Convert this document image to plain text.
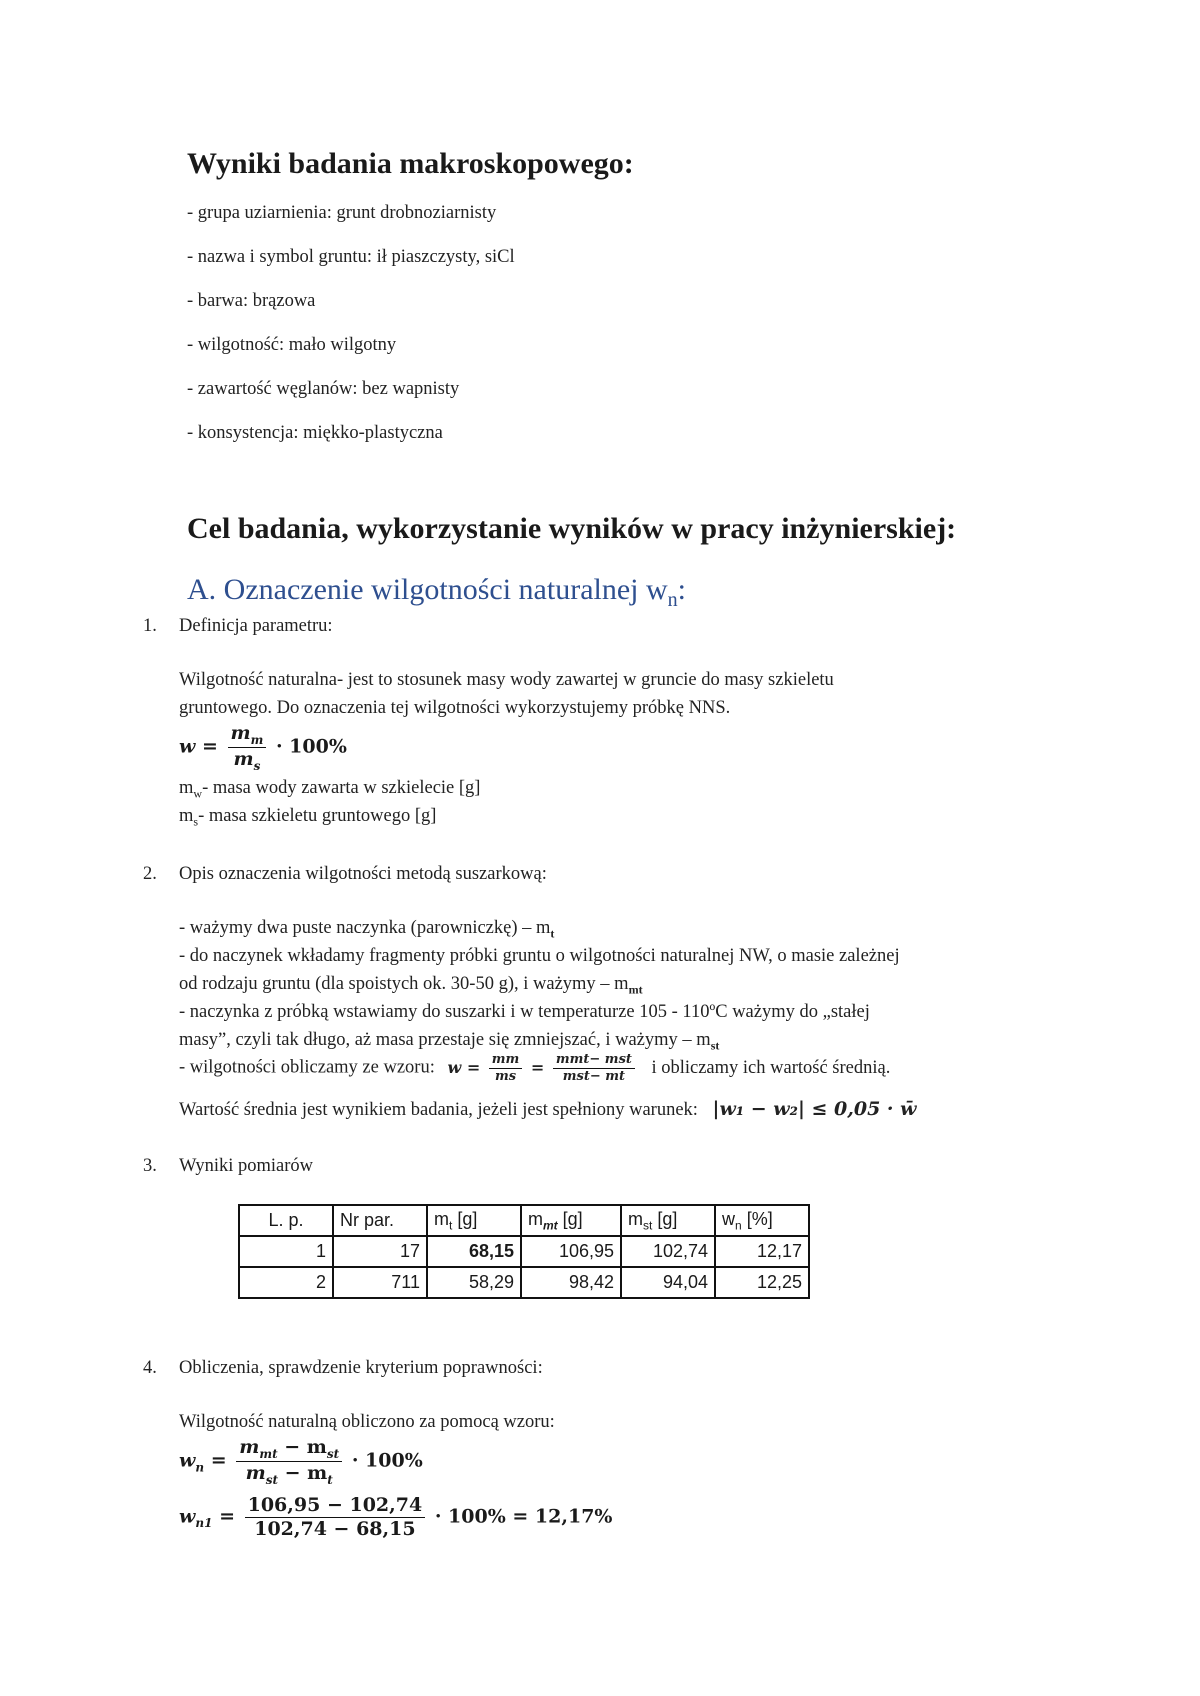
Wyniki badania makroskopowego:
- grupa uziarnienia: grunt drobnoziarnisty
- nazwa i symbol gruntu: ił piaszczysty, siCl
- barwa: brązowa
- wilgotność: mało wilgotny
- zawartość węglanów: bez wapnisty
- konsystencja: miękko-plastyczna
Cel badania, wykorzystanie wyników w pracy inżynierskiej:
A. Oznaczenie wilgotności naturalnej $w_n$:
1. Definicja parametru:
Wilgotność naturalna- jest to stosunek masy wody zawartej w gruncie do masy szkieletu
gruntowego. Do oznaczenia tej wilgotności wykorzystujemy próbkę NNS.
$w = \frac{m_m}{m_s} \cdot 100\%$
$m_w-$ masa wody zawarta w szkielecie [g]
$m_s-$ masa szkieletu gruntowego [g]
2. Opis oznaczenia wilgotności metodą suszarkową:
- ważymy dwa puste naczynka (parowniczkę) – $m_t$
- do naczynek wkładamy fragmenty próbki gruntu o wilgotności naturalnej NW, o masie zależnej
od rodzaju gruntu (dla spoistych ok. 30-50 g), i ważymy – $m_{mt}$
- naczynka z próbką wstawiamy do suszarki i w temperaturze 105 - 110ºC ważymy do „stałej
masy”, czyli tak długo, aż masa przestaje się zmniejszać, i ważymy – $m_{st}$
- wilgotności obliczamy ze wzoru: $w = \frac{mm}{ms} = \frac{\text{mmt− mst}}{\text{mst− mt}}$ i obliczamy ich wartość średnią.
Wartość średnia jest wynikiem badania, jeżeli jest spełniony warunek: |w₁ − w₂| ≤ 0,05 · w̄
3. Wyniki pomiarów
L. p.	Nr par.	$m_t$ [g]	$m_{mt}$ [g]	$m_{st}$ [g]	$w_n$ [%]
1	17	68,15	106,95	102,74	12,17
2	711	58,29	98,42	94,04	12,25
4. Obliczenia, sprawdzenie kryterium poprawności:
Wilgotność naturalną obliczono za pomocą wzoru:
$w_n = \frac{m_{mt} - m_{st}}{m_{st} - m_t} \cdot 100\%$
$w_{n1} = \frac{106,95 - 102,74}{102,74 - 68,15} \cdot 100\% = 12,17\%$
